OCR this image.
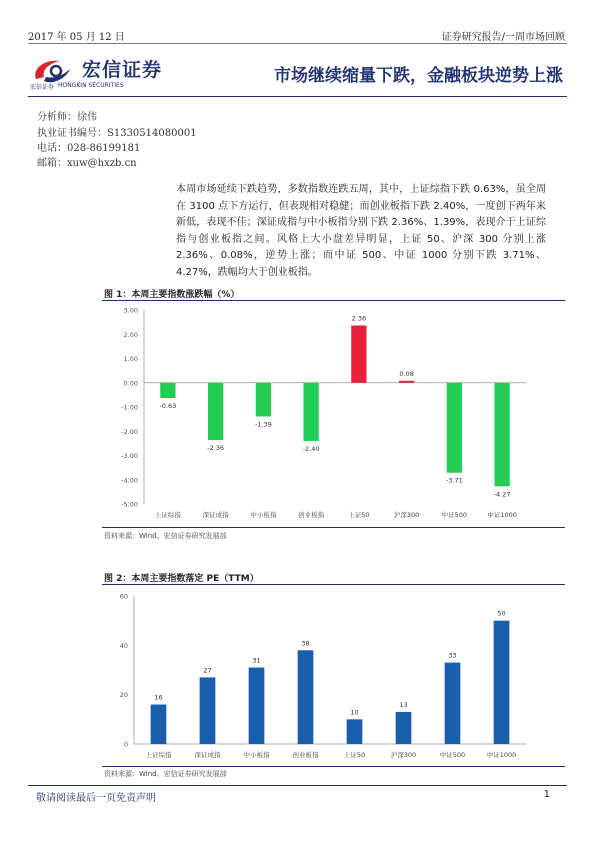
2017 年 05 月 12 日	证券研究报告/一周市场回顾
宏信证券
宏信证券 HONGKIN SECURITIES	市场继续缩量下跌，金融板块逆势上涨
分析师：徐伟
执业证书编号：S1330514080001
电话：028-86199181
邮箱：xuw@hxzb.cn
本周市场延续下跌趋势，多数指数连跌五周，其中，上证综指下跌 0.63%，虽全周在 3100 点下方运行，但表现相对稳健；而创业板指下跌 2.40%，一度创下两年来新低，表现不佳；深证成指与中小板指分别下跌 2.36%、1.39%，表现介于上证综指与创业板指之间。风格上大小盘差异明显，上证 50、沪深 300 分别上涨 2.36%、0.08%，逆势上涨；而中证 500、中证 1000 分别下跌 3.71%、4.27%，跌幅均大于创业板指。
图 1：本周主要指数涨跌幅（%）
3.00
2.00
1.00
0.00
-1.00
-2.00
-3.00
-4.00
-5.00
-0.63
上证综指
-2.36
深证成指
-1.39
中小板指
-2.40
创业板指
2.36
上证50
0.08
沪深300
-3.71
中证500
-4.27
中证1000
资料来源：Wind、宏信证券研究发展部
图 2：本周主要指数落定 PE（TTM）
60
40
20
0
16
上证综指
27
深证成指
31
中小板指
38
创业板指
10
上证50
13
沪深300
33
中证500
50
中证1000
资料来源：Wind、宏信证券研究发展部
敬请阅读最后一页免责声明	1
